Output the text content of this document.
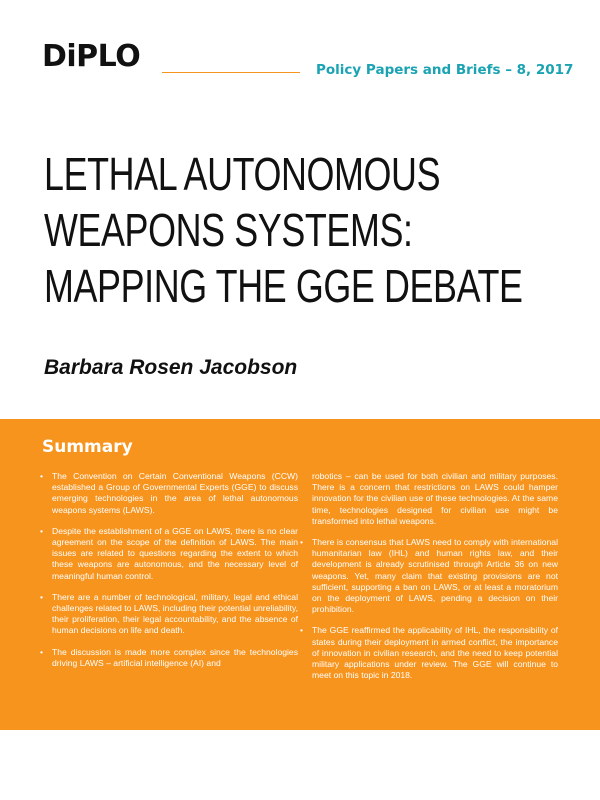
DiPLO	Policy Papers and Briefs – 8, 2017
LETHAL AUTONOMOUS
WEAPONS SYSTEMS:
MAPPING THE GGE DEBATE
Barbara Rosen Jacobson
Summary
• The Convention on Certain Conventional Weapons (CCW) established a Group of Governmental Experts (GGE) to discuss emerging technologies in the area of lethal autonomous weapons systems (LAWS).
• Despite the establishment of a GGE on LAWS, there is no clear agreement on the scope of the definition of LAWS. The main issues are related to questions regarding the extent to which these weapons are autonomous, and the necessary level of meaningful human control.
• There are a number of technological, military, legal and ethical challenges related to LAWS, including their potential unreliability, their proliferation, their legal accountability, and the absence of human decisions on life and death.
• The discussion is made more complex since the technologies driving LAWS – artificial intelligence (AI) and
robotics – can be used for both civilian and military purposes. There is a concern that restrictions on LAWS could hamper innovation for the civilian use of these technologies. At the same time, technologies designed for civilian use might be transformed into lethal weapons.
• There is consensus that LAWS need to comply with international humanitarian law (IHL) and human rights law, and their development is already scrutinised through Article 36 on new weapons. Yet, many claim that existing provisions are not sufficient, supporting a ban on LAWS, or at least a moratorium on the deployment of LAWS, pending a decision on their prohibition.
• The GGE reaffirmed the applicability of IHL, the responsibility of states during their deployment in armed conflict, the importance of innovation in civilian research, and the need to keep potential military applications under review. The GGE will continue to meet on this topic in 2018.
